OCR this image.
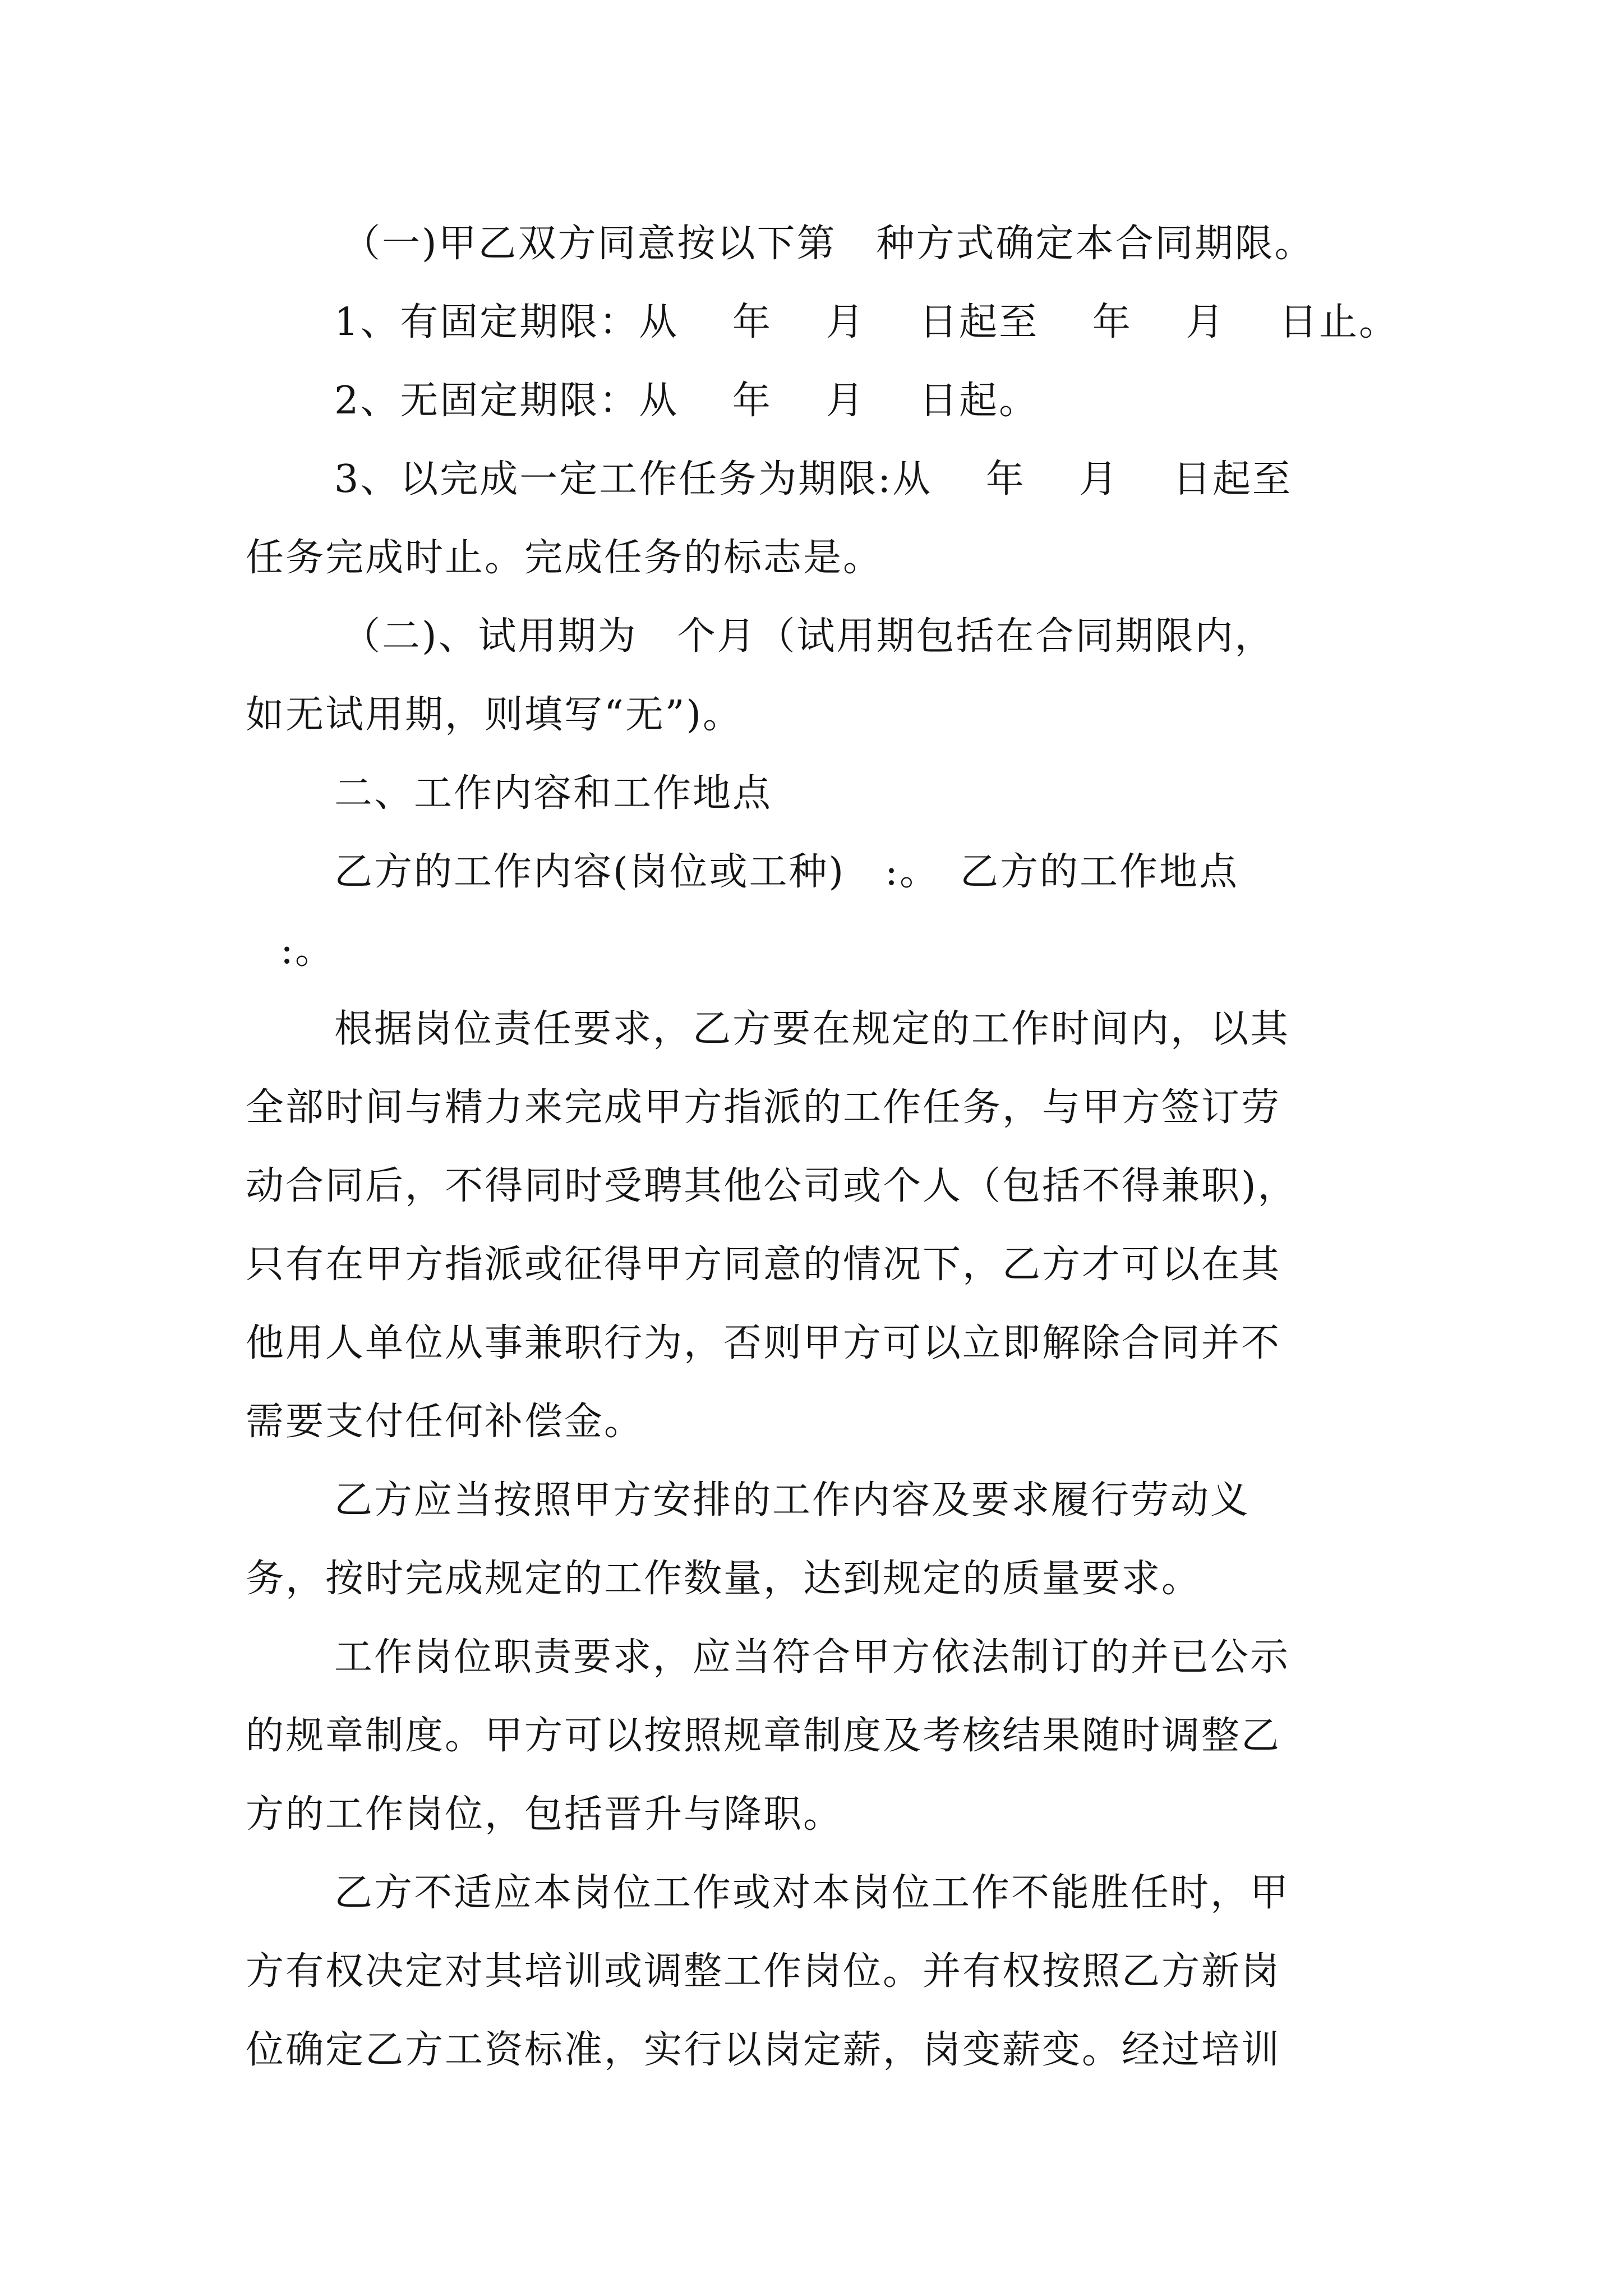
（一)甲乙双方同意按以下第　种方式确定本合同期限。
1、有固定期限：从　 年　 月　 日起至　 年　 月　 日止。
2、无固定期限：从　 年　 月　 日起。
3、以完成一定工作任务为期限:从　 年　 月　 日起至
任务完成时止。完成任务的标志是。
（二)、试用期为　个月（试用期包括在合同期限内，
如无试用期，则填写“无”)。
二、工作内容和工作地点
乙方的工作内容(岗位或工种)　:。　乙方的工作地点
:。
根据岗位责任要求，乙方要在规定的工作时间内，以其
全部时间与精力来完成甲方指派的工作任务，与甲方签订劳
动合同后，不得同时受聘其他公司或个人（包括不得兼职)，
只有在甲方指派或征得甲方同意的情况下，乙方才可以在其
他用人单位从事兼职行为，否则甲方可以立即解除合同并不
需要支付任何补偿金。
乙方应当按照甲方安排的工作内容及要求履行劳动义
务，按时完成规定的工作数量，达到规定的质量要求。
工作岗位职责要求，应当符合甲方依法制订的并已公示
的规章制度。甲方可以按照规章制度及考核结果随时调整乙
方的工作岗位，包括晋升与降职。
乙方不适应本岗位工作或对本岗位工作不能胜任时，甲
方有权决定对其培训或调整工作岗位。并有权按照乙方新岗
位确定乙方工资标准，实行以岗定薪，岗变薪变。经过培训
